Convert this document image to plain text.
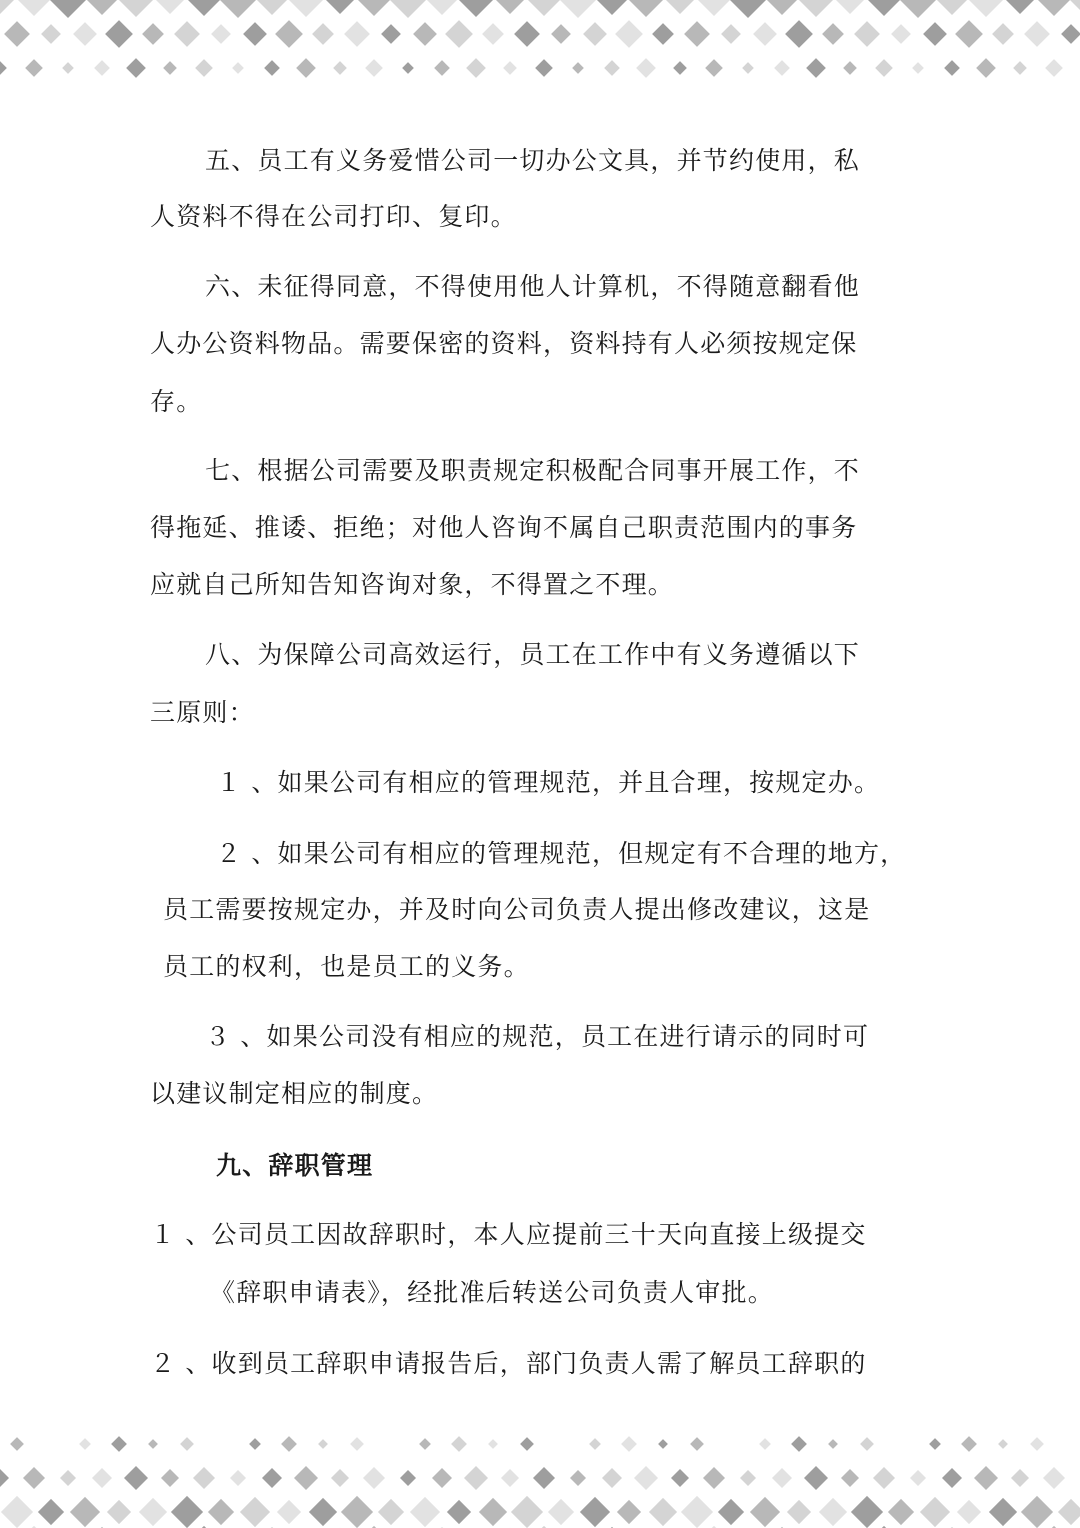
五、员工有义务爱惜公司一切办公文具，并节约使用，私

人资料不得在公司打印、复印。

六、未征得同意，不得使用他人计算机，不得随意翻看他

人办公资料物品。需要保密的资料，资料持有人必须按规定保

存。

七、根据公司需要及职责规定积极配合同事开展工作，不

得拖延、推诿、拒绝；对他人咨询不属自己职责范围内的事务

应就自己所知告知咨询对象，不得置之不理。

八、为保障公司高效运行，员工在工作中有义务遵循以下

三原则：

１ 、如果公司有相应的管理规范，并且合理，按规定办。

２ 、如果公司有相应的管理规范，但规定有不合理的地方，

员工需要按规定办，并及时向公司负责人提出修改建议，这是

员工的权利，也是员工的义务。

３ 、如果公司没有相应的规范，员工在进行请示的同时可

以建议制定相应的制度。

九、辞职管理

１ 、公司员工因故辞职时，本人应提前三十天向直接上级提交

《辞职申请表》，经批准后转送公司负责人审批。

２ 、收到员工辞职申请报告后，部门负责人需了解员工辞职的
